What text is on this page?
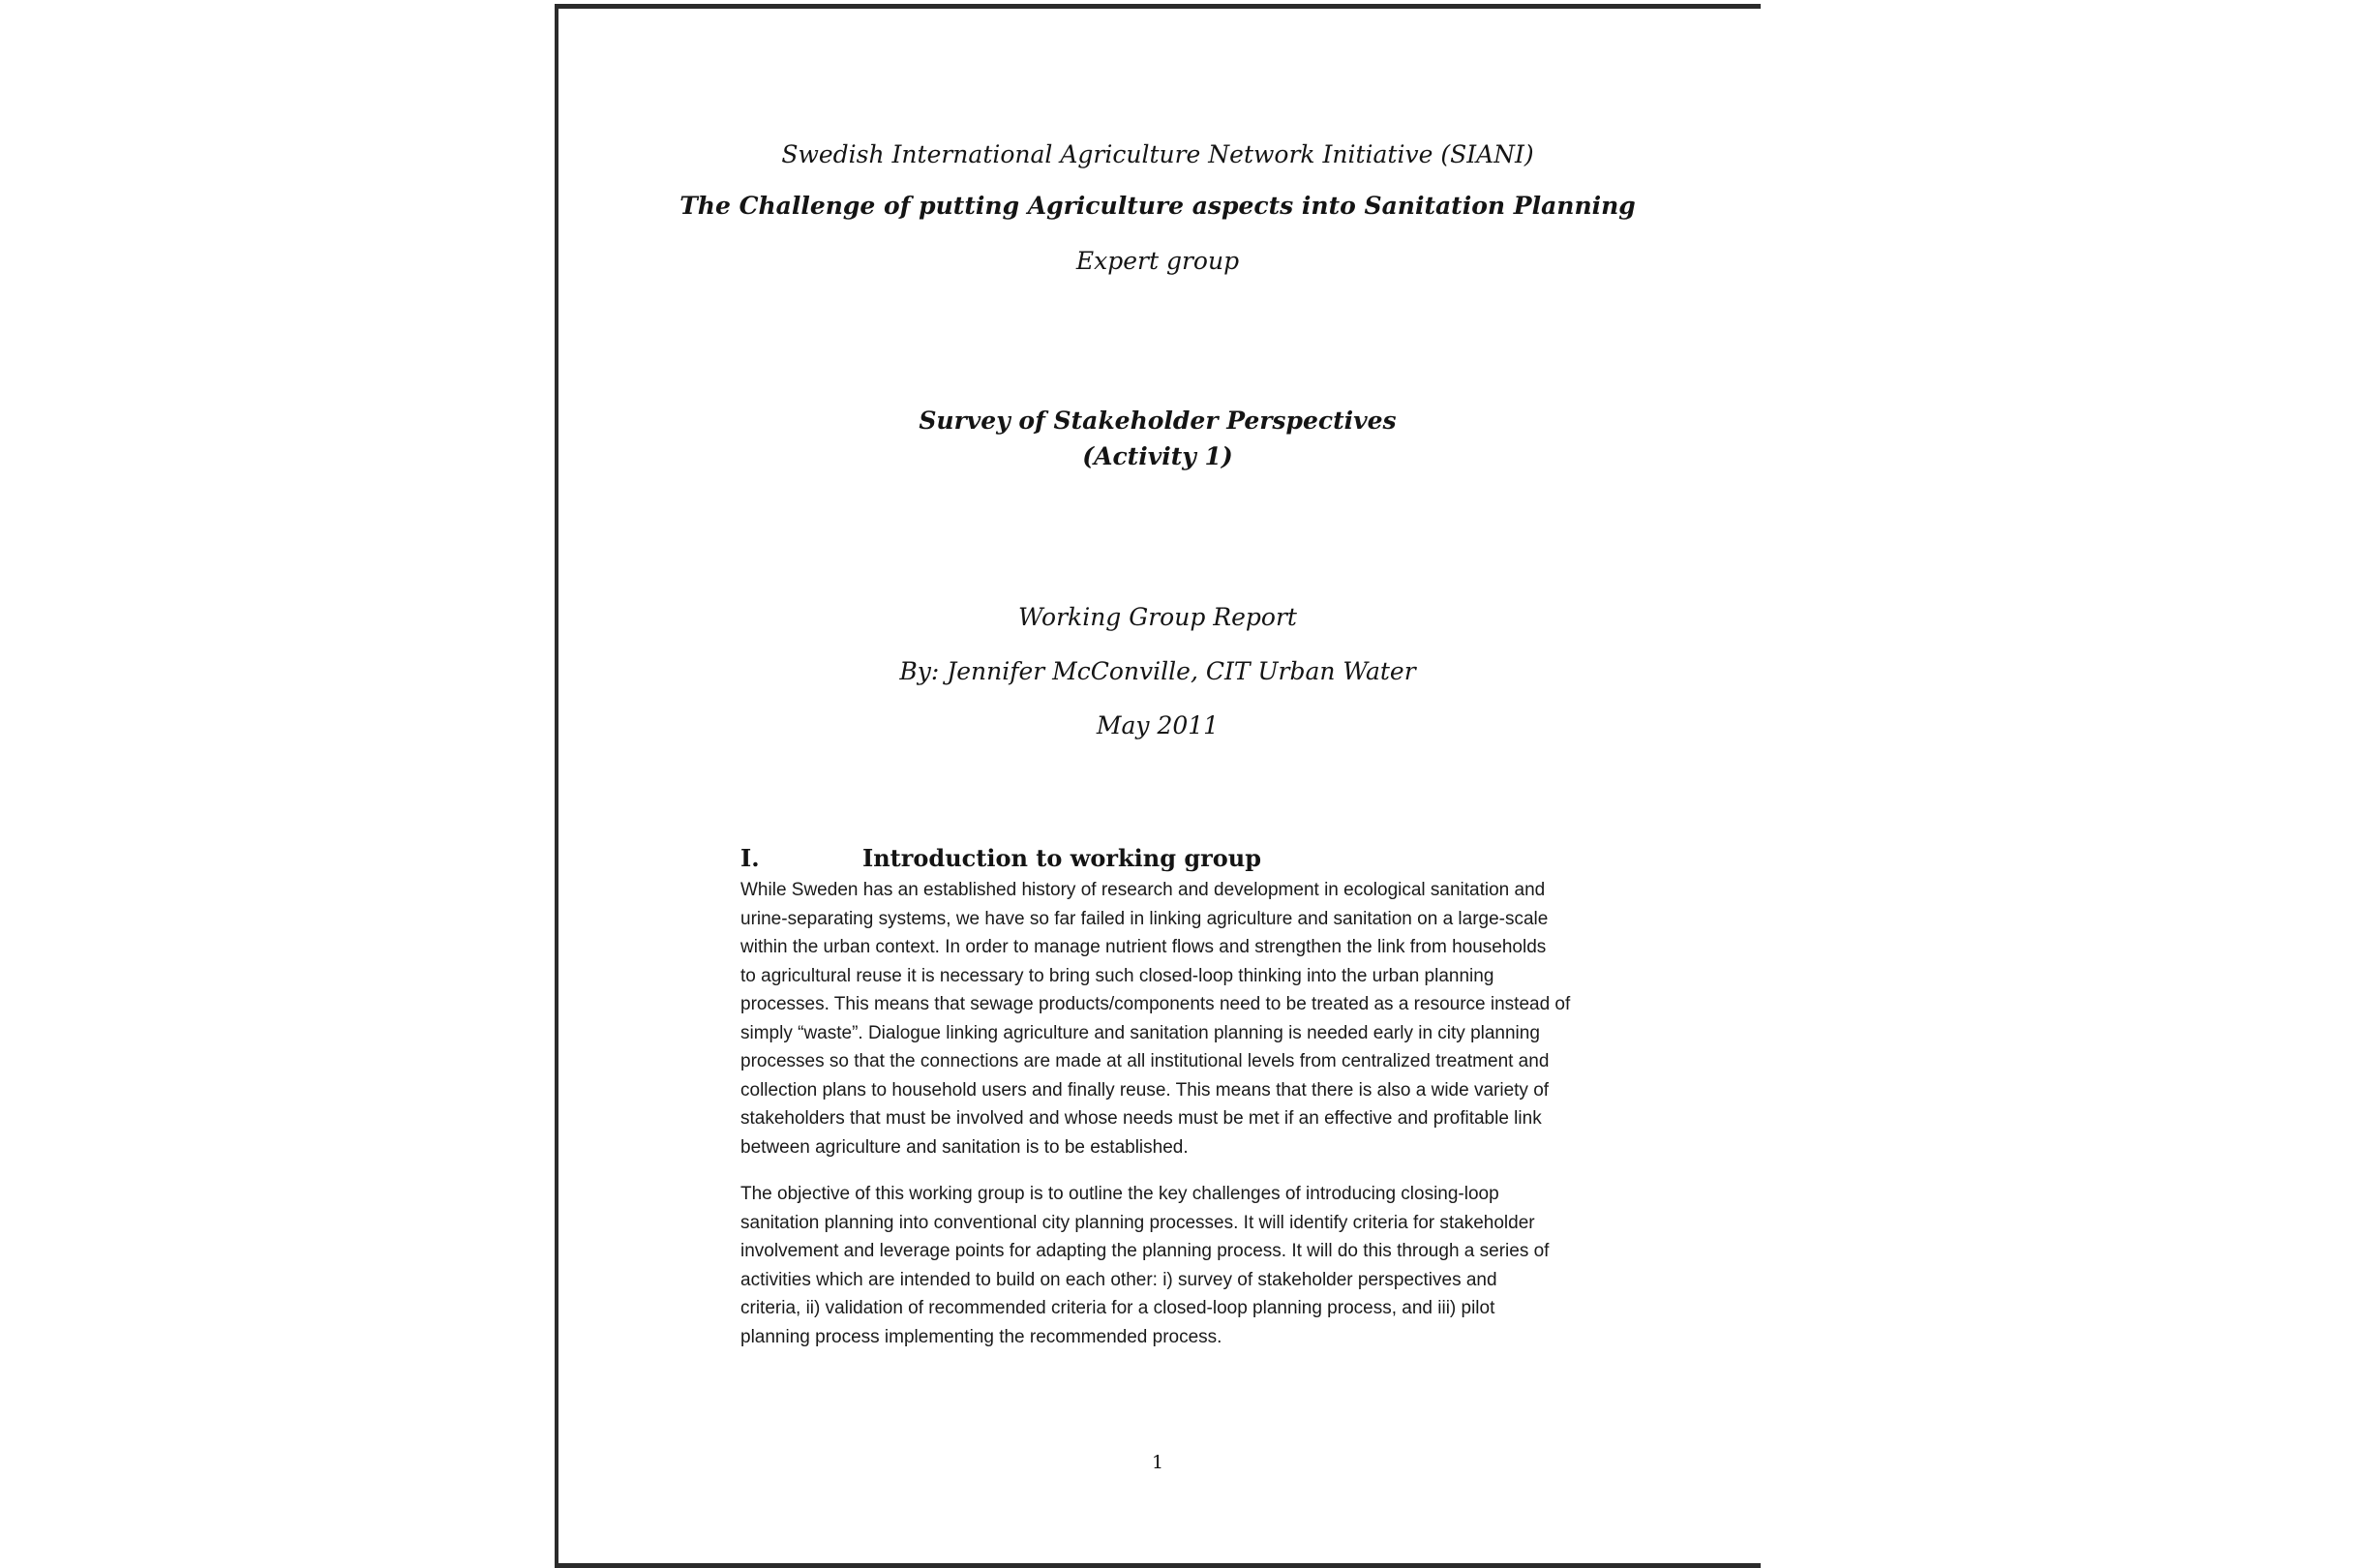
Swedish International Agriculture Network Initiative (SIANI)
The Challenge of putting Agriculture aspects into Sanitation Planning
Expert group
Survey of Stakeholder Perspectives
(Activity 1)
Working Group Report
By: Jennifer McConville, CIT Urban Water
May 2011
I.	Introduction to working group
While Sweden has an established history of research and development in ecological sanitation and
urine-separating systems, we have so far failed in linking agriculture and sanitation on a large-scale
within the urban context. In order to manage nutrient flows and strengthen the link from households
to agricultural reuse it is necessary to bring such closed-loop thinking into the urban planning
processes. This means that sewage products/components need to be treated as a resource instead of
simply “waste”. Dialogue linking agriculture and sanitation planning is needed early in city planning
processes so that the connections are made at all institutional levels from centralized treatment and
collection plans to household users and finally reuse. This means that there is also a wide variety of
stakeholders that must be involved and whose needs must be met if an effective and profitable link
between agriculture and sanitation is to be established.
The objective of this working group is to outline the key challenges of introducing closing-loop
sanitation planning into conventional city planning processes. It will identify criteria for stakeholder
involvement and leverage points for adapting the planning process. It will do this through a series of
activities which are intended to build on each other: i) survey of stakeholder perspectives and
criteria, ii) validation of recommended criteria for a closed-loop planning process, and iii) pilot
planning process implementing the recommended process.
1
